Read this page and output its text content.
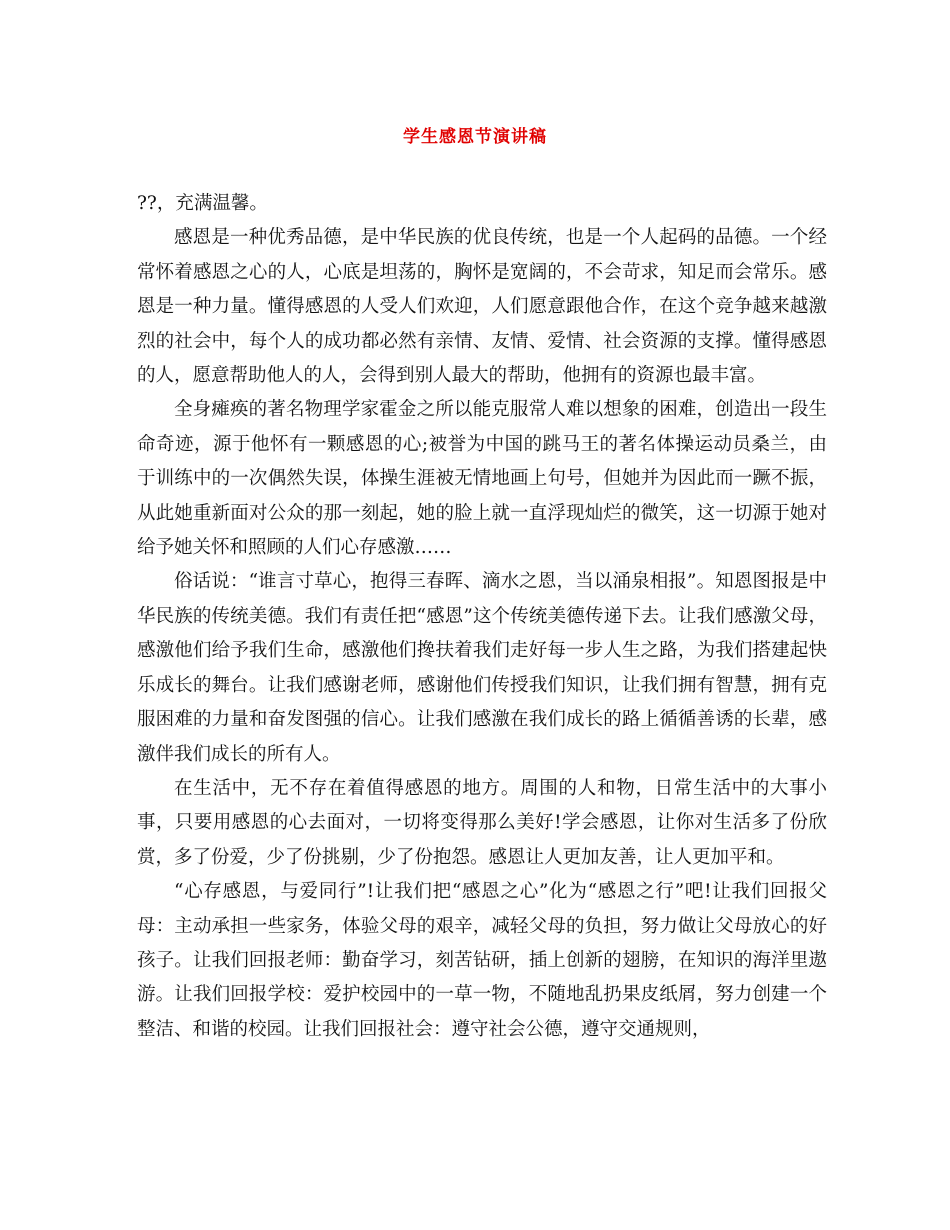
学生感恩节演讲稿

??，充满温馨。

感恩是一种优秀品德，是中华民族的优良传统，也是一个人起码的品德。一个经常怀着感恩之心的人，心底是坦荡的，胸怀是宽阔的，不会苛求，知足而会常乐。感恩是一种力量。懂得感恩的人受人们欢迎，人们愿意跟他合作，在这个竞争越来越激烈的社会中，每个人的成功都必然有亲情、友情、爱情、社会资源的支撑。懂得感恩的人，愿意帮助他人的人，会得到别人最大的帮助，他拥有的资源也最丰富。

全身瘫痪的著名物理学家霍金之所以能克服常人难以想象的困难，创造出一段生命奇迹，源于他怀有一颗感恩的心;被誉为中国的跳马王的著名体操运动员桑兰，由于训练中的一次偶然失误，体操生涯被无情地画上句号，但她并为因此而一蹶不振，从此她重新面对公众的那一刻起，她的脸上就一直浮现灿烂的微笑，这一切源于她对给予她关怀和照顾的人们心存感激……

俗话说：“谁言寸草心，抱得三春晖、滴水之恩，当以涌泉相报”。知恩图报是中华民族的传统美德。我们有责任把“感恩”这个传统美德传递下去。让我们感激父母，感激他们给予我们生命，感激他们搀扶着我们走好每一步人生之路，为我们搭建起快乐成长的舞台。让我们感谢老师，感谢他们传授我们知识，让我们拥有智慧，拥有克服困难的力量和奋发图强的信心。让我们感激在我们成长的路上循循善诱的长辈，感激伴我们成长的所有人。

在生活中，无不存在着值得感恩的地方。周围的人和物，日常生活中的大事小事，只要用感恩的心去面对，一切将变得那么美好!学会感恩，让你对生活多了份欣赏，多了份爱，少了份挑剔，少了份抱怨。感恩让人更加友善，让人更加平和。

“心存感恩，与爱同行”!让我们把“感恩之心”化为“感恩之行”吧!让我们回报父母：主动承担一些家务，体验父母的艰辛，减轻父母的负担，努力做让父母放心的好孩子。让我们回报老师：勤奋学习，刻苦钻研，插上创新的翅膀，在知识的海洋里遨游。让我们回报学校：爱护校园中的一草一物，不随地乱扔果皮纸屑，努力创建一个整洁、和谐的校园。让我们回报社会：遵守社会公德，遵守交通规则，
